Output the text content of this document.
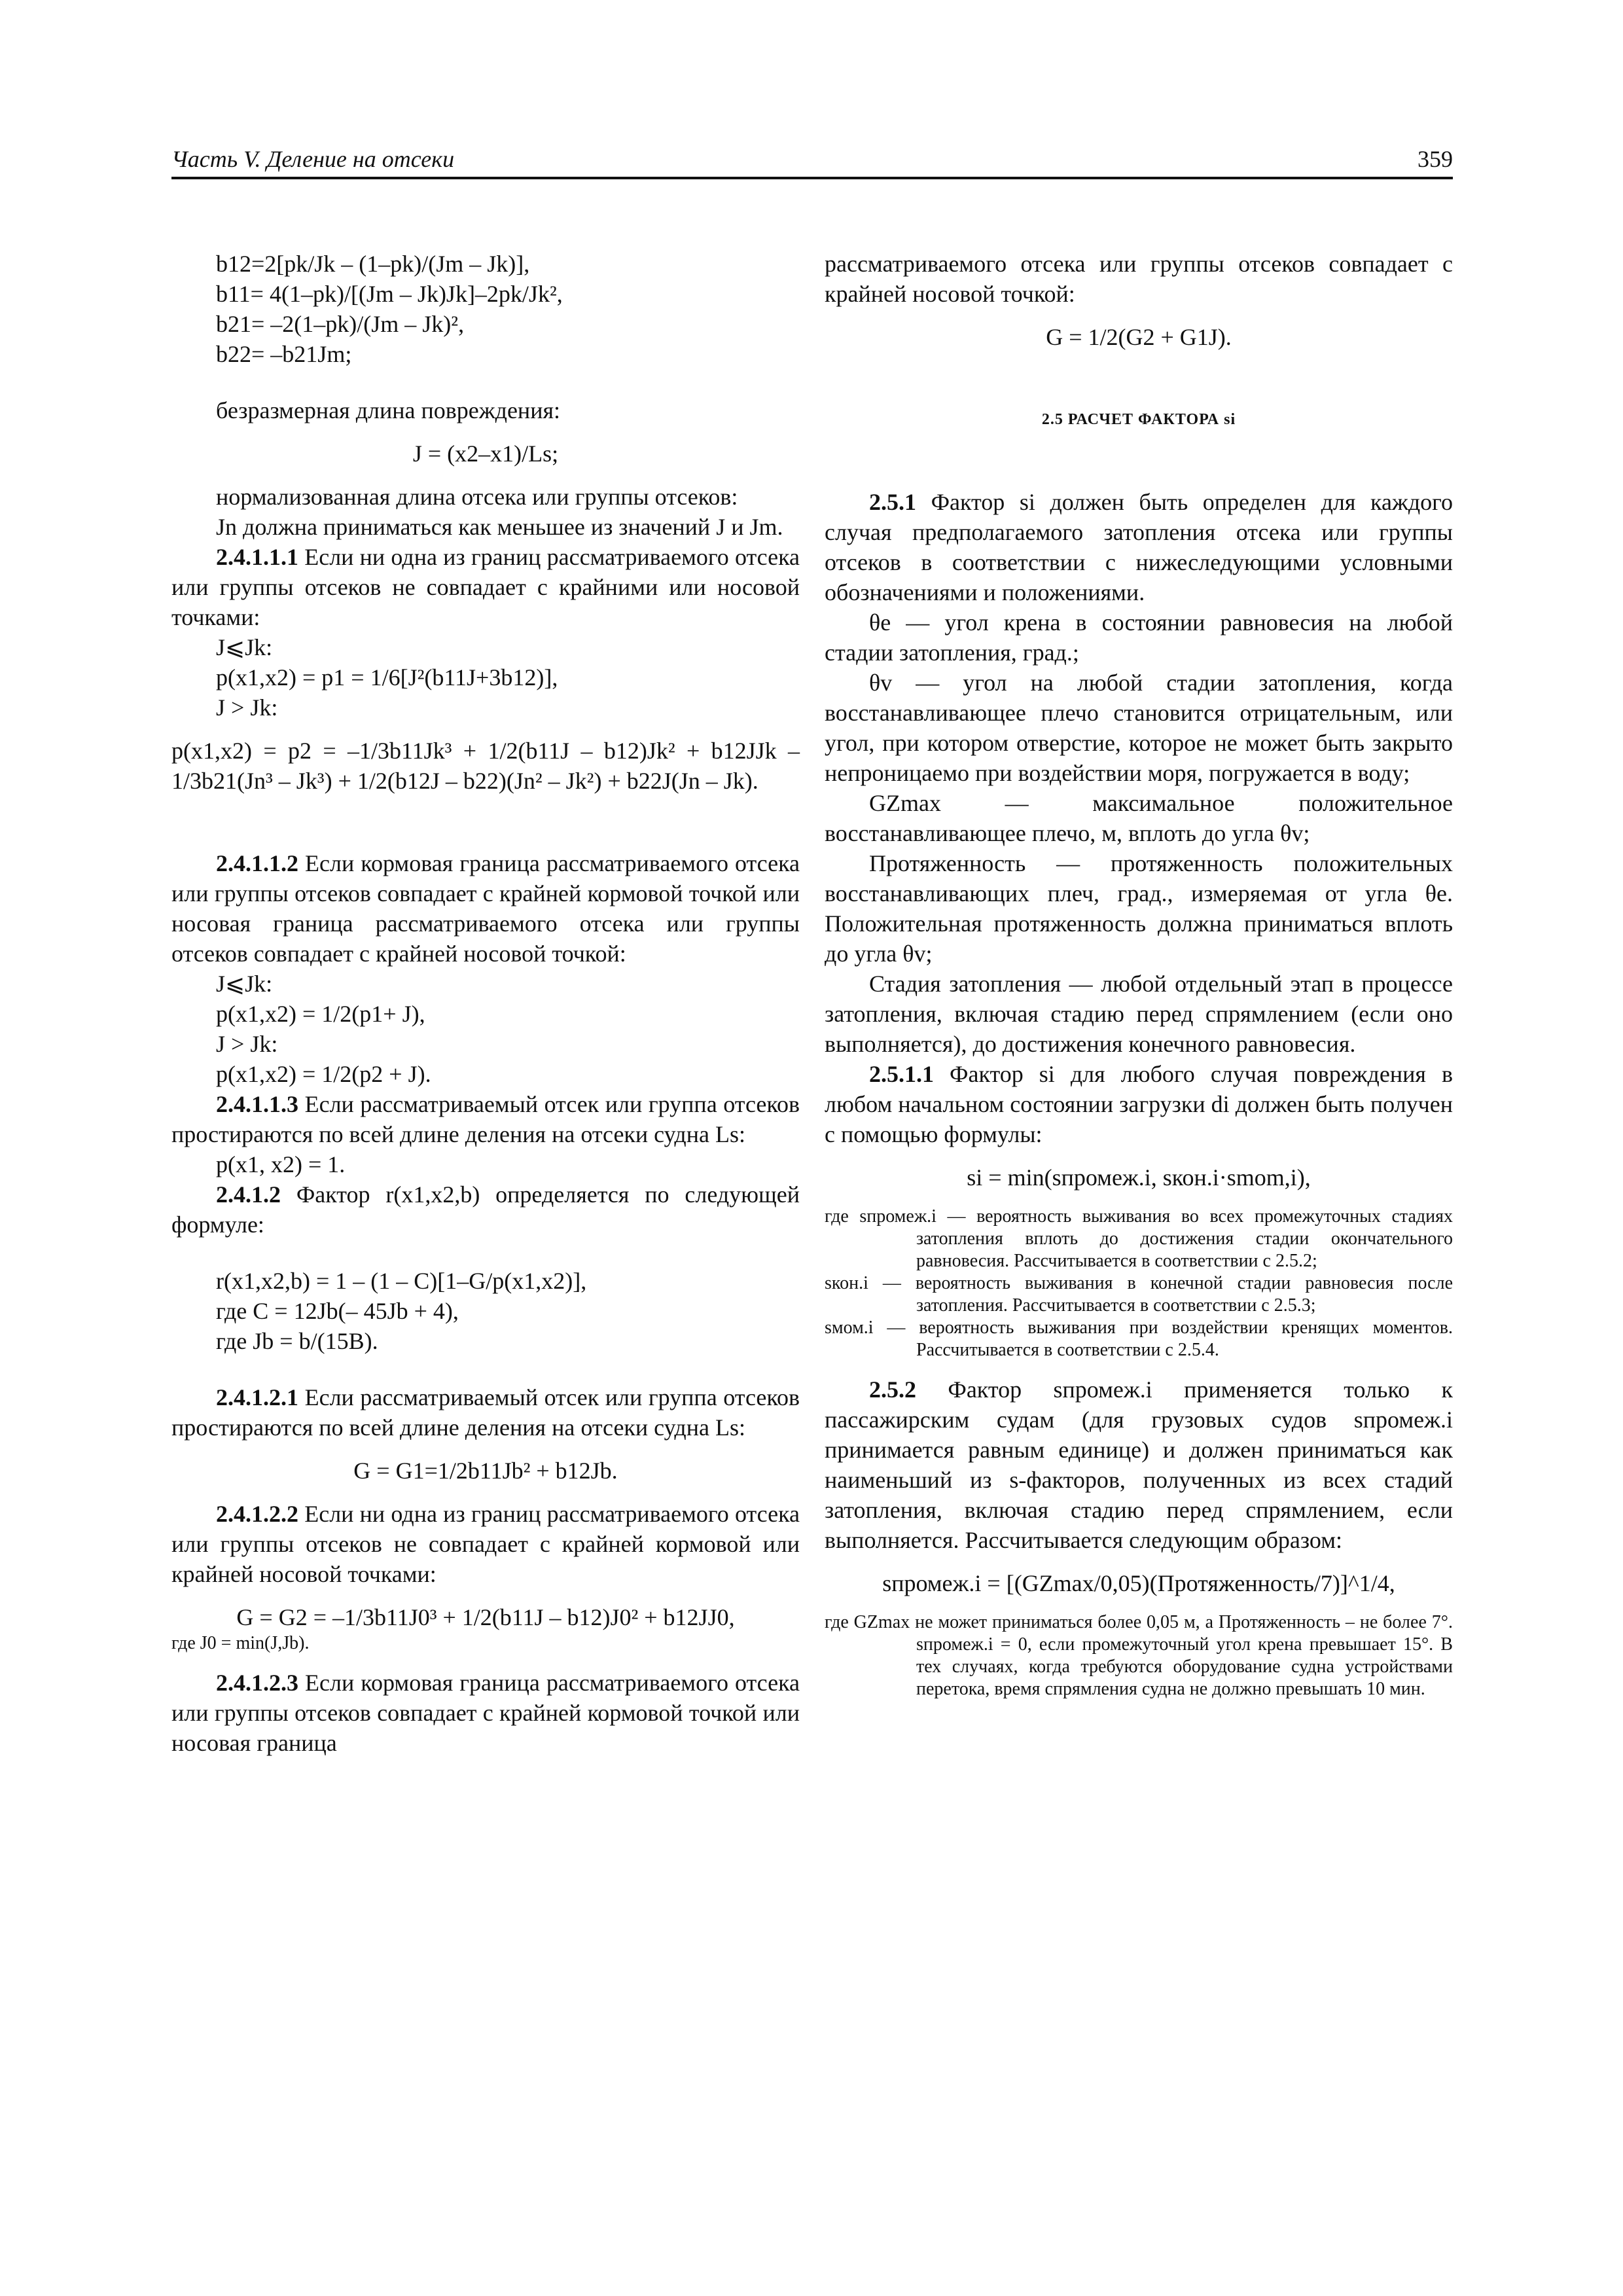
Часть V. Деление на отсеки	359
b12=2[pk/Jk – (1–pk)/(Jm – Jk)],
b11= 4(1–pk)/[(Jm – Jk)Jk]–2pk/Jk²,
b21= –2(1–pk)/(Jm – Jk)²,
b22= –b21Jm;
безразмерная длина повреждения:
J = (x2–x1)/Ls;

нормализованная длина отсека или группы отсеков:

Jn должна приниматься как меньшее из значений J и Jm.

2.4.1.1.1 Если ни одна из границ рассматриваемого отсека или группы отсеков не совпадает с крайними или носовой точками:

J⩽Jk:
p(x1,x2) = p1 = 1/6[J²(b11J+3b12)],
J > Jk:

p(x1,x2) = p2 = –1/3b11Jk³ + 1/2(b11J – b12)Jk² + b12JJk – 1/3b21(Jn³ – Jk³) + 1/2(b12J – b22)(Jn² – Jk²) + b22J(Jn – Jk).

2.4.1.1.2 Если кормовая граница рассматриваемого отсека или группы отсеков совпадает с крайней кормовой точкой или носовая граница рассматриваемого отсека или группы отсеков совпадает с крайней носовой точкой:

J⩽Jk:
p(x1,x2) = 1/2(p1+ J),
J > Jk:
p(x1,x2) = 1/2(p2 + J).

2.4.1.1.3 Если рассматриваемый отсек или группа отсеков простираются по всей длине деления на отсеки судна Ls:

p(x1, x2) = 1.

2.4.1.2 Фактор r(x1,x2,b) определяется по следующей формуле:

r(x1,x2,b) = 1 – (1 – C)[1–G/p(x1,x2)],
где C = 12Jb(– 45Jb + 4),
где Jb = b/(15B).

2.4.1.2.1 Если рассматриваемый отсек или группа отсеков простираются по всей длине деления на отсеки судна Ls:

G = G1=1/2b11Jb² + b12Jb.

2.4.1.2.2 Если ни одна из границ рассматриваемого отсека или группы отсеков не совпадает с крайней кормовой или крайней носовой точками:

G = G2 = –1/3b11J0³ + 1/2(b11J – b12)J0² + b12JJ0,
где J0 = min(J,Jb).

2.4.1.2.3 Если кормовая граница рассматриваемого отсека или группы отсеков совпадает с крайней кормовой точкой или носовая граница

рассматриваемого отсека или группы отсеков совпадает с крайней носовой точкой:

G = 1/2(G2 + G1J).
2.5 РАСЧЕТ ФАКТОРА si

2.5.1 Фактор si должен быть определен для каждого случая предполагаемого затопления отсека или группы отсеков в соответствии с нижеследующими условными обозначениями и положениями.

θe — угол крена в состоянии равновесия на любой стадии затопления, град.;

θv — угол на любой стадии затопления, когда восстанавливающее плечо становится отрицательным, или угол, при котором отверстие, которое не может быть закрыто непроницаемо при воздействии моря, погружается в воду;

GZmax — максимальное положительное восстанавливающее плечо, м, вплоть до угла θv;

Протяженность — протяженность положительных восстанавливающих плеч, град., измеряемая от угла θe. Положительная протяженность должна приниматься вплоть до угла θv;

Стадия затопления — любой отдельный этап в процессе затопления, включая стадию перед спрямлением (если оно выполняется), до достижения конечного равновесия.

2.5.1.1 Фактор si для любого случая повреждения в любом начальном состоянии загрузки di должен быть получен с помощью формулы:

si = min(sпромеж.i, sкон.i·smom,i),

где sпромеж.i — вероятность выживания во всех промежуточных стадиях затопления вплоть до достижения стадии окончательного равновесия. Рассчитывается в соответствии с 2.5.2;

sкон.i — вероятность выживания в конечной стадии равновесия после затопления. Рассчитывается в соответствии с 2.5.3;

sмом.i — вероятность выживания при воздействии кренящих моментов. Рассчитывается в соответствии с 2.5.4.

2.5.2 Фактор sпромеж.i применяется только к пассажирским судам (для грузовых судов sпромеж.i принимается равным единице) и должен приниматься как наименьший из s-факторов, полученных из всех стадий затопления, включая стадию перед спрямлением, если выполняется. Рассчитывается следующим образом:

sпромеж.i = [(GZmax/0,05)(Протяженность/7)]^1/4,

где GZmax не может приниматься более 0,05 м, а Протяженность – не более 7°. sпромеж.i = 0, если промежуточный угол крена превышает 15°. В тех случаях, когда требуются оборудование судна устройствами перетока, время спрямления судна не должно превышать 10 мин.
